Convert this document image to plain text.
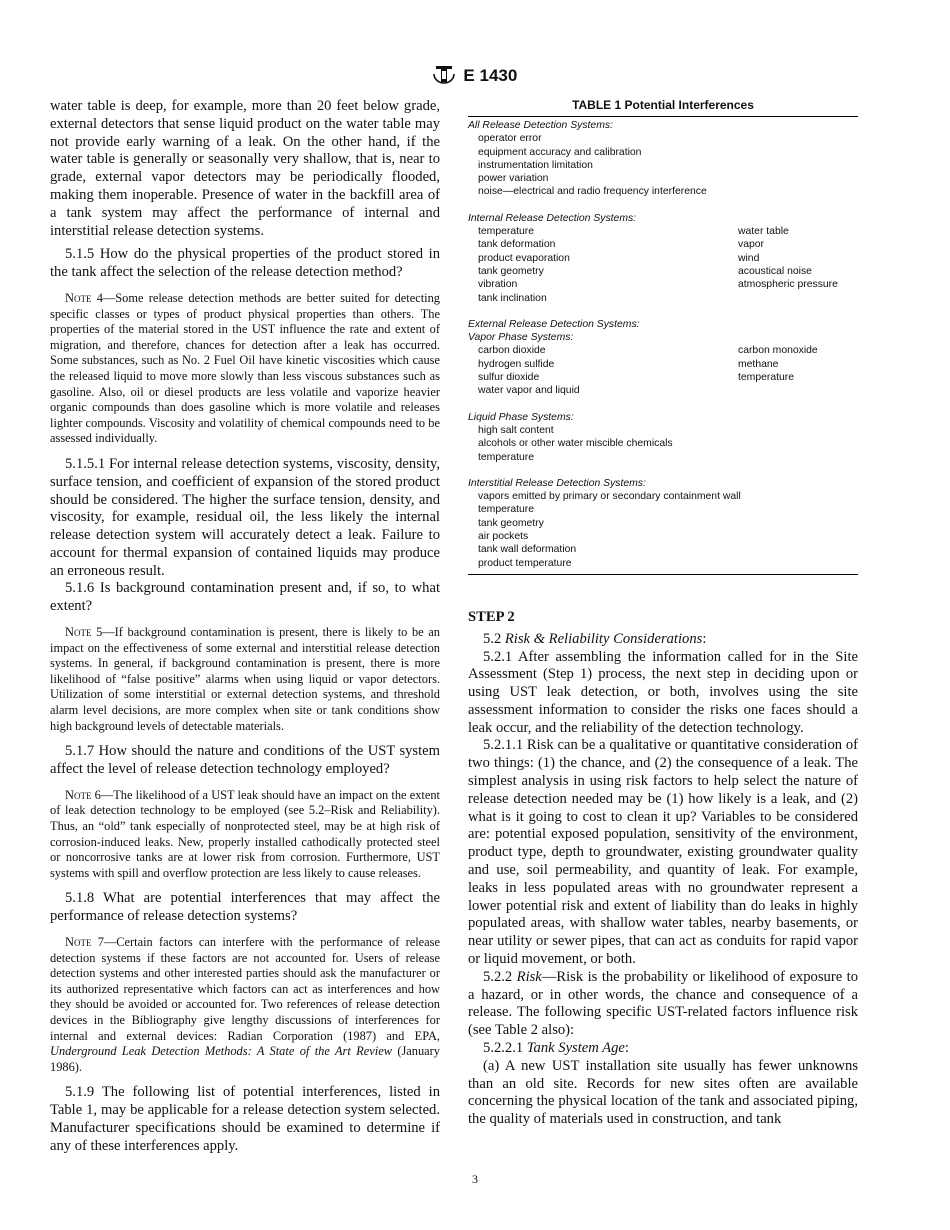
E 1430

water table is deep, for example, more than 20 feet below grade, external detectors that sense liquid product on the water table may not provide early warning of a leak. On the other hand, if the water table is generally or seasonally very shallow, that is, near to grade, external vapor detectors may be periodically flooded, making them inoperable. Presence of water in the backfill area of a tank system may affect the performance of internal and interstitial release detection systems.

5.1.5 How do the physical properties of the product stored in the tank affect the selection of the release detection method?

Note 4—Some release detection methods are better suited for detecting specific classes or types of product physical properties than others. The properties of the material stored in the UST influence the rate and extent of migration, and therefore, chances for detection after a leak has occurred. Some substances, such as No. 2 Fuel Oil have kinetic viscosities which cause the released liquid to move more slowly than less viscous substances such as gasoline. Also, oil or diesel products are less volatile and vaporize heavier organic compounds than does gasoline which is more volatile and releases lighter compounds. Viscosity and volatility of chemical compounds need to be assessed individually.

5.1.5.1 For internal release detection systems, viscosity, density, surface tension, and coefficient of expansion of the stored product should be considered. The higher the surface tension, density, and viscosity, for example, residual oil, the less likely the internal release detection system will accurately detect a leak. Failure to account for thermal expansion of contained liquids may produce an erroneous result.

5.1.6 Is background contamination present and, if so, to what extent?

Note 5—If background contamination is present, there is likely to be an impact on the effectiveness of some external and interstitial release detection systems. In general, if background contamination is present, there is more likelihood of “false positive” alarms when using liquid or vapor detectors. Utilization of some interstitial or external detection systems, and threshold alarm level decisions, are more complex when site or tank conditions show high background levels of detectable materials.

5.1.7 How should the nature and conditions of the UST system affect the level of release detection technology employed?

Note 6—The likelihood of a UST leak should have an impact on the extent of leak detection technology to be employed (see 5.2–Risk and Reliability). Thus, an “old” tank especially of nonprotected steel, may be at high risk of corrosion-induced leaks. New, properly installed cathodically protected steel or noncorrosive tanks are at lower risk from corrosion. Furthermore, UST systems with spill and overflow protection are less likely to cause releases.

5.1.8 What are potential interferences that may affect the performance of release detection systems?

Note 7—Certain factors can interfere with the performance of release detection systems if these factors are not accounted for. Users of release detection systems and other interested parties should ask the manufacturer or its authorized representative which factors can act as interferences and how they should be avoided or accounted for. Two references of release detection devices in the Bibliography give lengthy discussions of interferences for internal and external devices: Radian Corporation (1987) and EPA, Underground Leak Detection Methods: A State of the Art Review (January 1986).

5.1.9 The following list of potential interferences, listed in Table 1, may be applicable for a release detection system selected. Manufacturer specifications should be examined to determine if any of these interferences apply.

TABLE 1 Potential Interferences
All Release Detection Systems:
operator error
equipment accuracy and calibration
instrumentation limitation
power variation
noise—electrical and radio frequency interference
Internal Release Detection Systems:
temperature
tank deformation
product evaporation
tank geometry
vibration
tank inclination
water table
vapor
wind
acoustical noise
atmospheric pressure
External Release Detection Systems:
Vapor Phase Systems:
carbon dioxide
hydrogen sulfide
sulfur dioxide
water vapor and liquid
carbon monoxide
methane
temperature
Liquid Phase Systems:
high salt content
alcohols or other water miscible chemicals
temperature
Interstitial Release Detection Systems:
vapors emitted by primary or secondary containment wall
temperature
tank geometry
air pockets
tank wall deformation
product temperature

STEP 2

5.2 Risk & Reliability Considerations:

5.2.1 After assembling the information called for in the Site Assessment (Step 1) process, the next step in deciding upon or using UST leak detection, or both, involves using the site assessment information to consider the risks one faces should a leak occur, and the reliability of the detection technology.

5.2.1.1 Risk can be a qualitative or quantitative consideration of two things: (1) the chance, and (2) the consequence of a leak. The simplest analysis in using risk factors to help select the nature of release detection needed may be (1) how likely is a leak, and (2) what is it going to cost to clean it up? Variables to be considered are: potential exposed population, sensitivity of the environment, product type, depth to groundwater, existing groundwater quality and use, soil permeability, and quantity of leak. For example, leaks in less populated areas with no groundwater represent a lower potential risk and extent of liability than do leaks in highly populated areas, with shallow water tables, nearby basements, or near utility or sewer pipes, that can act as conduits for rapid vapor or liquid movement, or both.

5.2.2 Risk—Risk is the probability or likelihood of exposure to a hazard, or in other words, the chance and consequence of a release. The following specific UST-related factors influence risk (see Table 2 also):

5.2.2.1 Tank System Age:

(a) A new UST installation site usually has fewer unknowns than an old site. Records for new sites often are available concerning the physical location of the tank and associated piping, the quality of materials used in construction, and tank

3
